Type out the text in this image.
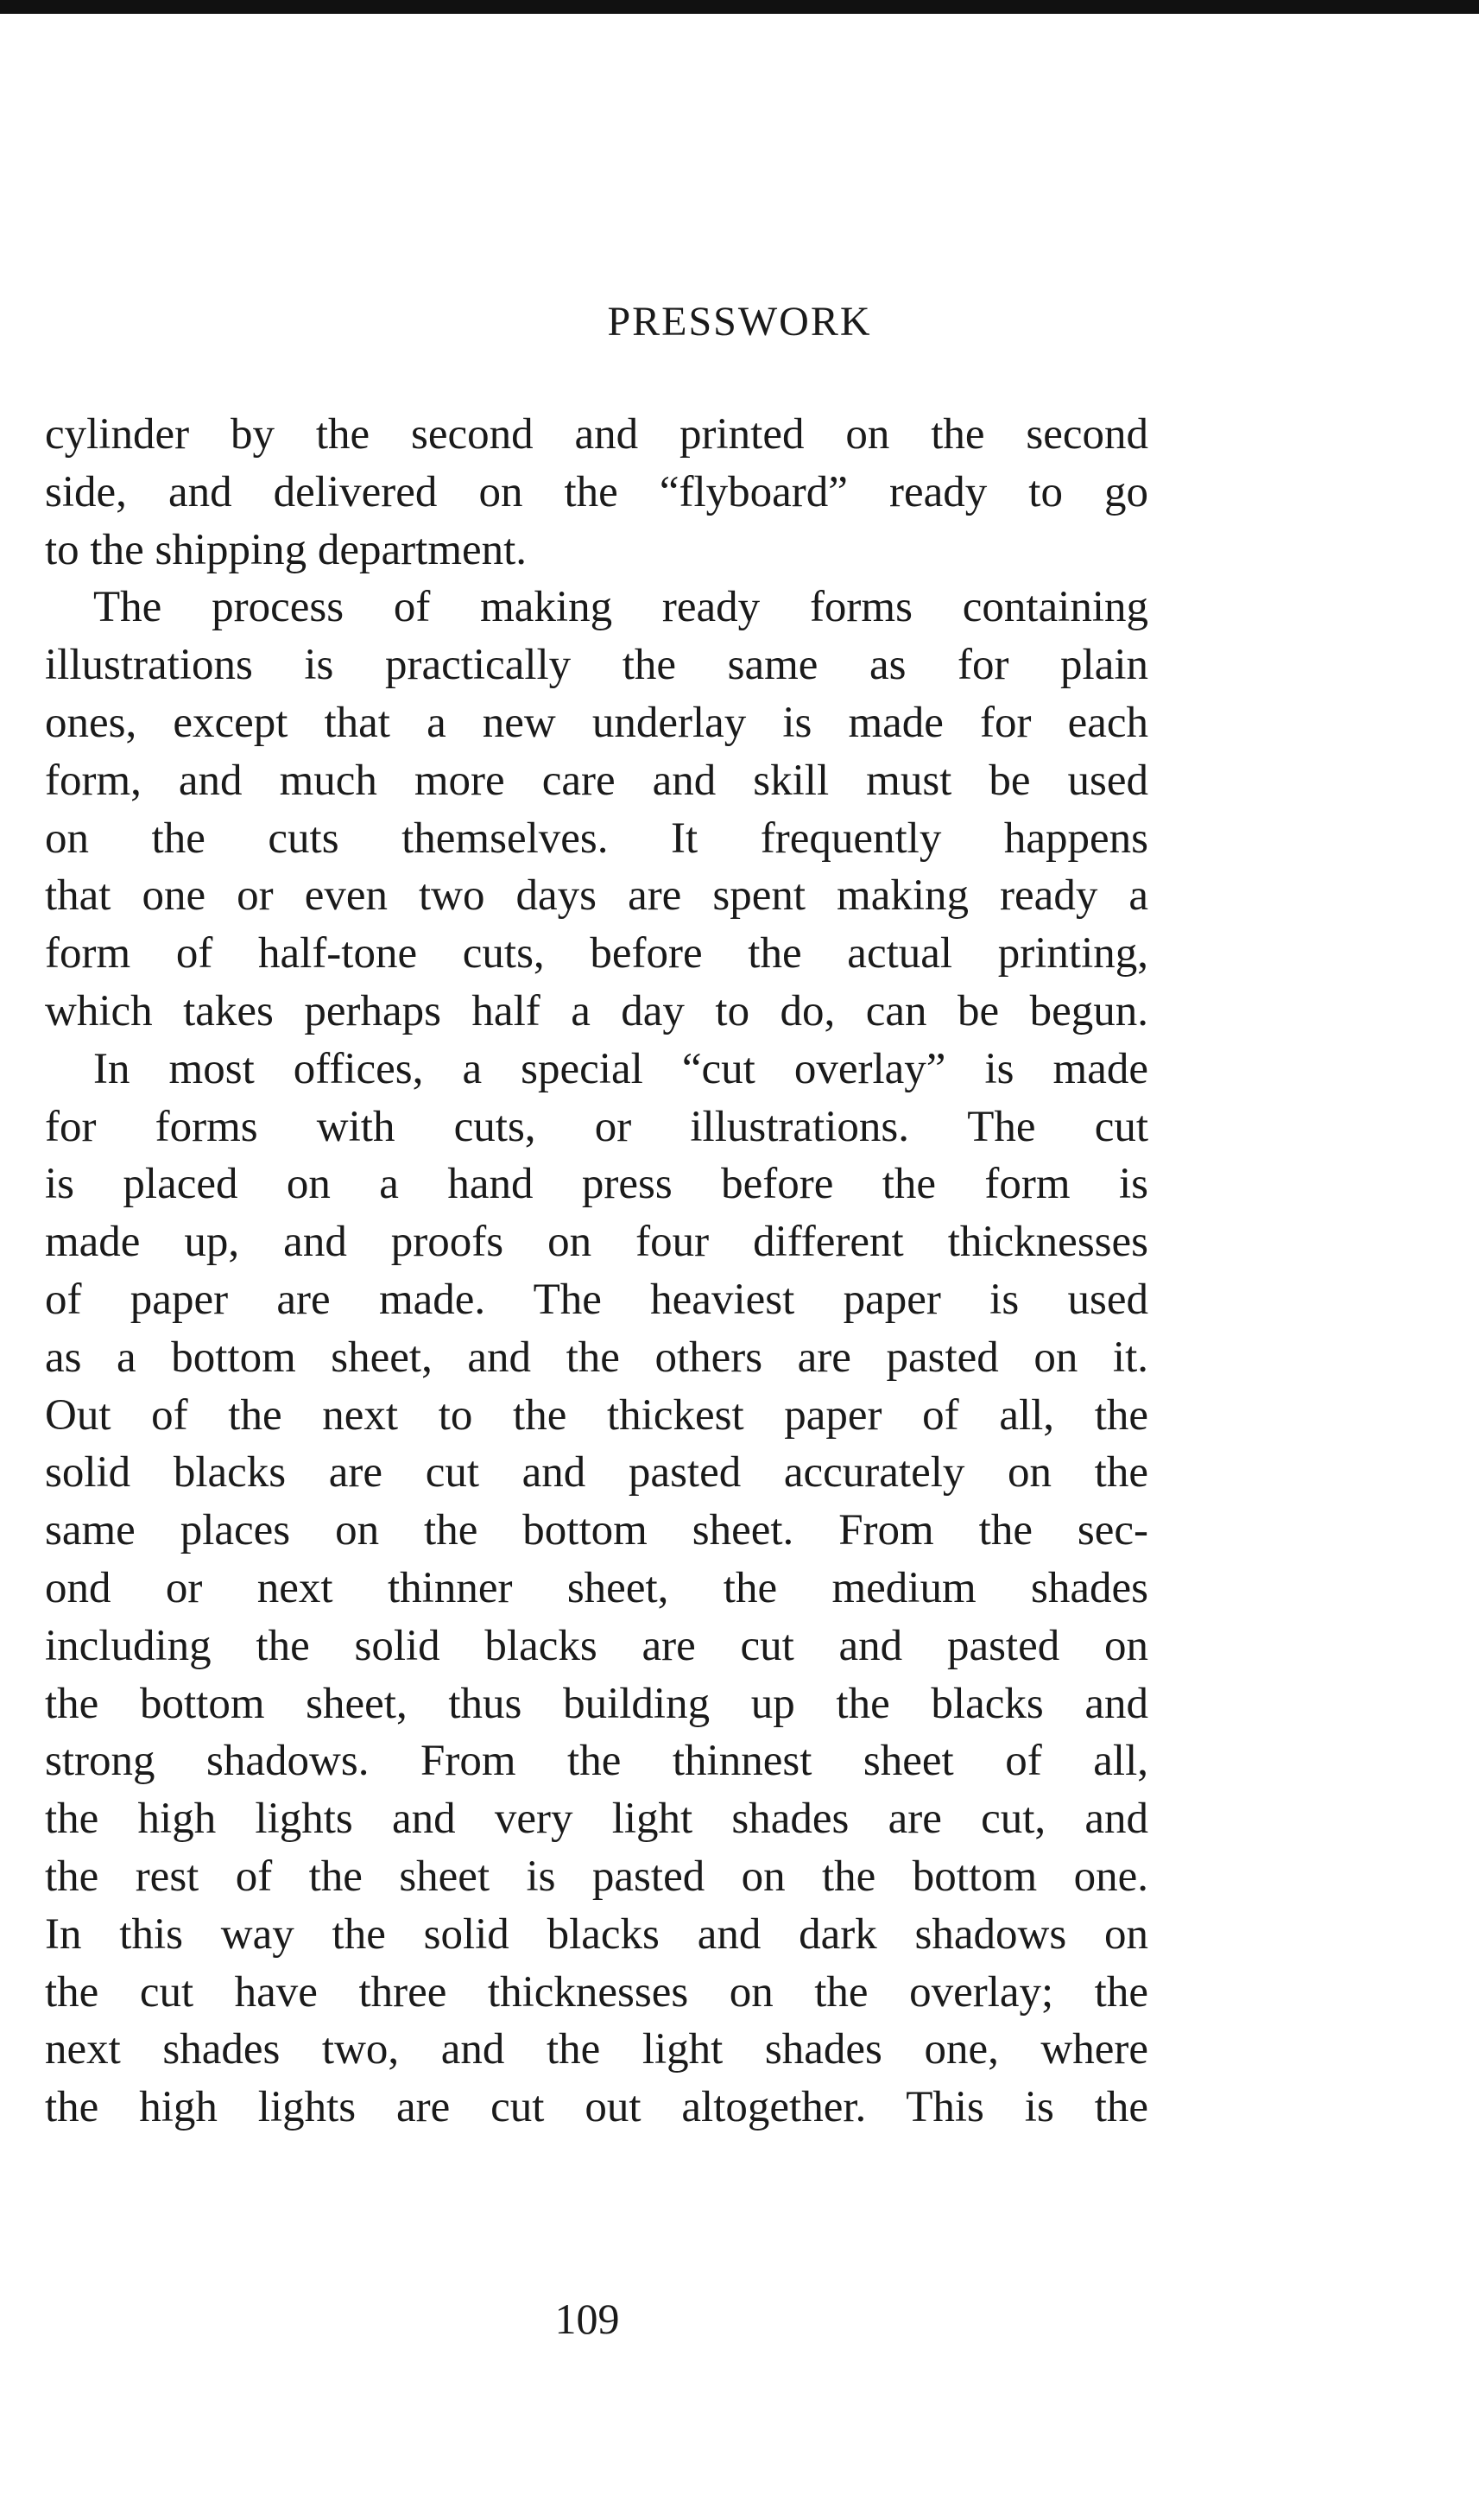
PRESSWORK

cylinder by the second and printed on the second

side, and delivered on the “flyboard” ready to go

to the shipping department.

The process of making ready forms containing

illustrations is practically the same as for plain

ones, except that a new underlay is made for each

form, and much more care and skill must be used

on the cuts themselves. It frequently happens

that one or even two days are spent making ready a

form of half-tone cuts, before the actual printing,

which takes perhaps half a day to do, can be begun.

In most offices, a special “cut overlay” is made

for forms with cuts, or illustrations. The cut

is placed on a hand press before the form is

made up, and proofs on four different thicknesses

of paper are made. The heaviest paper is used

as a bottom sheet, and the others are pasted on it.

Out of the next to the thickest paper of all, the

solid blacks are cut and pasted accurately on the

same places on the bottom sheet. From the sec-

ond or next thinner sheet, the medium shades

including the solid blacks are cut and pasted on

the bottom sheet, thus building up the blacks and

strong shadows. From the thinnest sheet of all,

the high lights and very light shades are cut, and

the rest of the sheet is pasted on the bottom one.

In this way the solid blacks and dark shadows on

the cut have three thicknesses on the overlay; the

next shades two, and the light shades one, where

the high lights are cut out altogether. This is the

109
